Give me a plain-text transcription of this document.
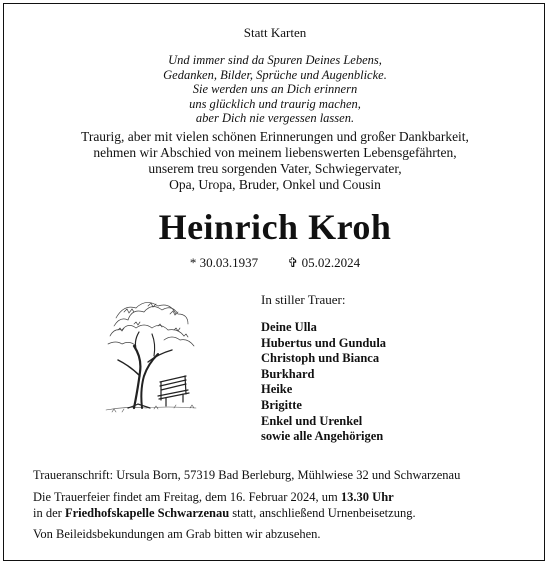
Statt Karten
Und immer sind da Spuren Deines Lebens,
Gedanken, Bilder, Sprüche und Augenblicke.
Sie werden uns an Dich erinnern
uns glücklich und traurig machen,
aber Dich nie vergessen lassen.
Traurig, aber mit vielen schönen Erinnerungen und großer Dankbarkeit,
nehmen wir Abschied von meinem liebenswerten Lebensgefährten,
unserem treu sorgenden Vater, Schwiegervater,
Opa, Uropa, Bruder, Onkel und Cousin
Heinrich Kroh
* 30.03.1937 ✞ 05.02.2024
In stiller Trauer:
Deine Ulla
Hubertus und Gundula
Christoph und Bianca
Burkhard
Heike
Brigitte
Enkel und Urenkel
sowie alle Angehörigen
Traueranschrift: Ursula Born, 57319 Bad Berleburg, Mühlwiese 32 und Schwarzenau
Die Trauerfeier findet am Freitag, dem 16. Februar 2024, um 13.30 Uhr
in der Friedhofskapelle Schwarzenau statt, anschließend Urnenbeisetzung.
Von Beileidsbekundungen am Grab bitten wir abzusehen.
